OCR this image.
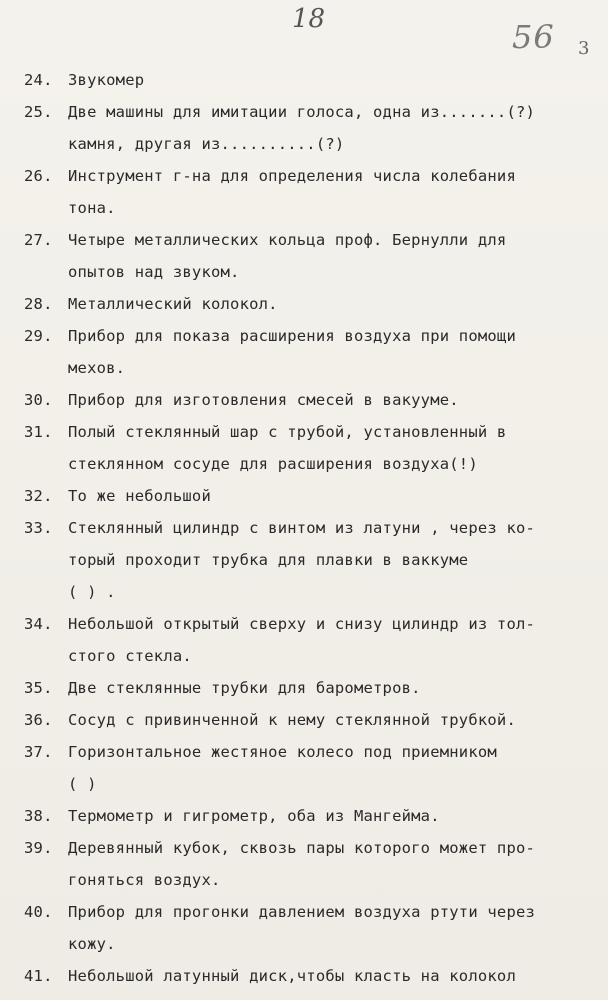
18	56 3
24. Звукомер
25. Две машины для имитации голоса, одна из.......(?)
камня, другая из..........(?)
26. Инструмент г-на для определения числа колебания
тона.
27. Четыре металлических кольца проф. Бернулли для
опытов над звуком.
28. Металлический колокол.
29. Прибор для показа расширения воздуха при помощи
мехов.
30. Прибор для изготовления смесей в вакууме.
31. Полый стеклянный шар с трубой, установленный в
стеклянном сосуде для расширения воздуха(!)
32. То же небольшой
33. Стеклянный цилиндр с винтом из латуни , через ко-
торый проходит трубка для плавки в ваккуме
( ) .
34. Небольшой открытый сверху и снизу цилиндр из тол-
стого стекла.
35. Две стеклянные трубки для барометров.
36. Сосуд с привинченной к нему стеклянной трубкой.
37. Горизонтальное жестяное колесо под приемником
( )
38. Термометр и гигрометр, оба из Мангейма.
39. Деревянный кубок, сквозь пары которого может про-
гоняться воздух.
40. Прибор для прогонки давлением воздуха ртути через
кожу.
41. Небольшой латунный диск,чтобы класть на колокол
